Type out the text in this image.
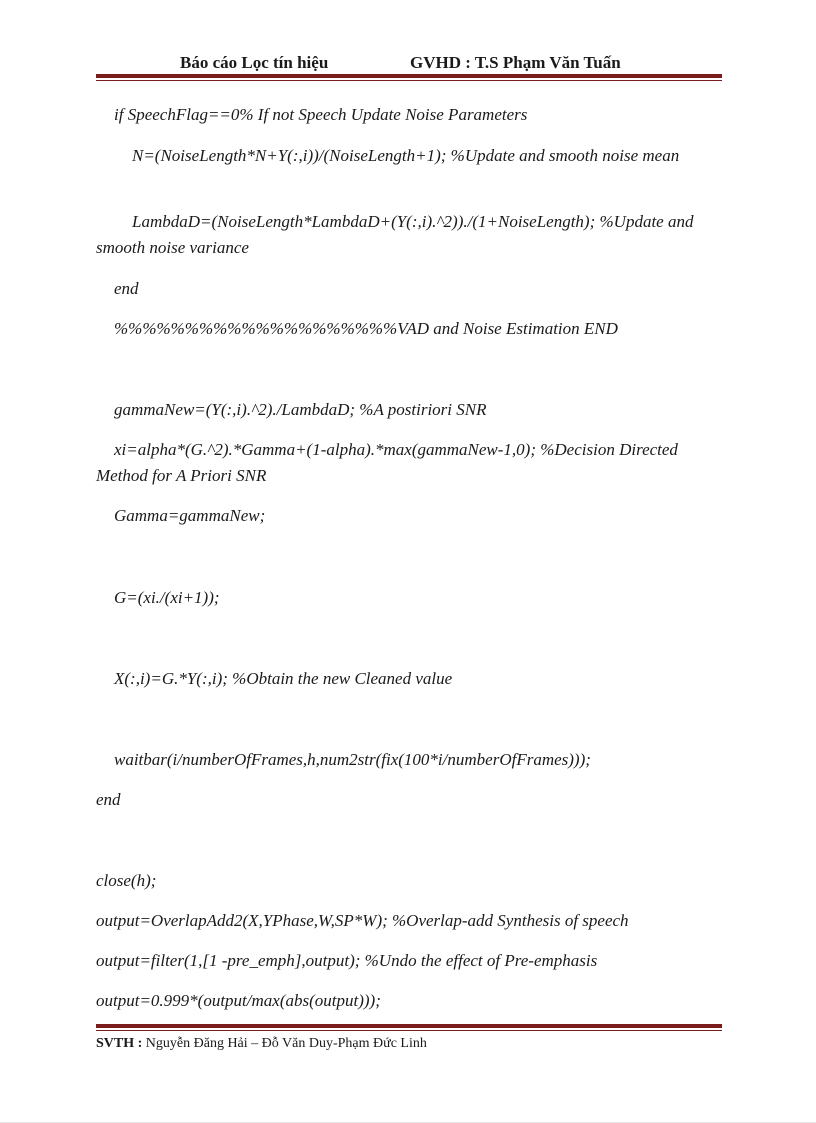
Báo cáo Lọc tín hiệu	GVHD : T.S Phạm Văn Tuấn
if SpeechFlag==0% If not Speech Update Noise Parameters
N=(NoiseLength*N+Y(:,i))/(NoiseLength+1); %Update and smooth noise mean
LambdaD=(NoiseLength*LambdaD+(Y(:,i).^2))./(1+NoiseLength); %Update and smooth noise variance
end
%%%%%%%%%%%%%%%%%%%%VAD and Noise Estimation END
gammaNew=(Y(:,i).^2)./LambdaD; %A postiriori SNR
xi=alpha*(G.^2).*Gamma+(1-alpha).*max(gammaNew-1,0); %Decision Directed Method for A Priori SNR
Gamma=gammaNew;
G=(xi./(xi+1));
X(:,i)=G.*Y(:,i); %Obtain the new Cleaned value
waitbar(i/numberOfFrames,h,num2str(fix(100*i/numberOfFrames)));
end
close(h);
output=OverlapAdd2(X,YPhase,W,SP*W); %Overlap-add Synthesis of speech
output=filter(1,[1 -pre_emph],output); %Undo the effect of Pre-emphasis
output=0.999*(output/max(abs(output)));
SVTH : Nguyễn Đăng Hải – Đỗ Văn Duy-Phạm Đức Linh
